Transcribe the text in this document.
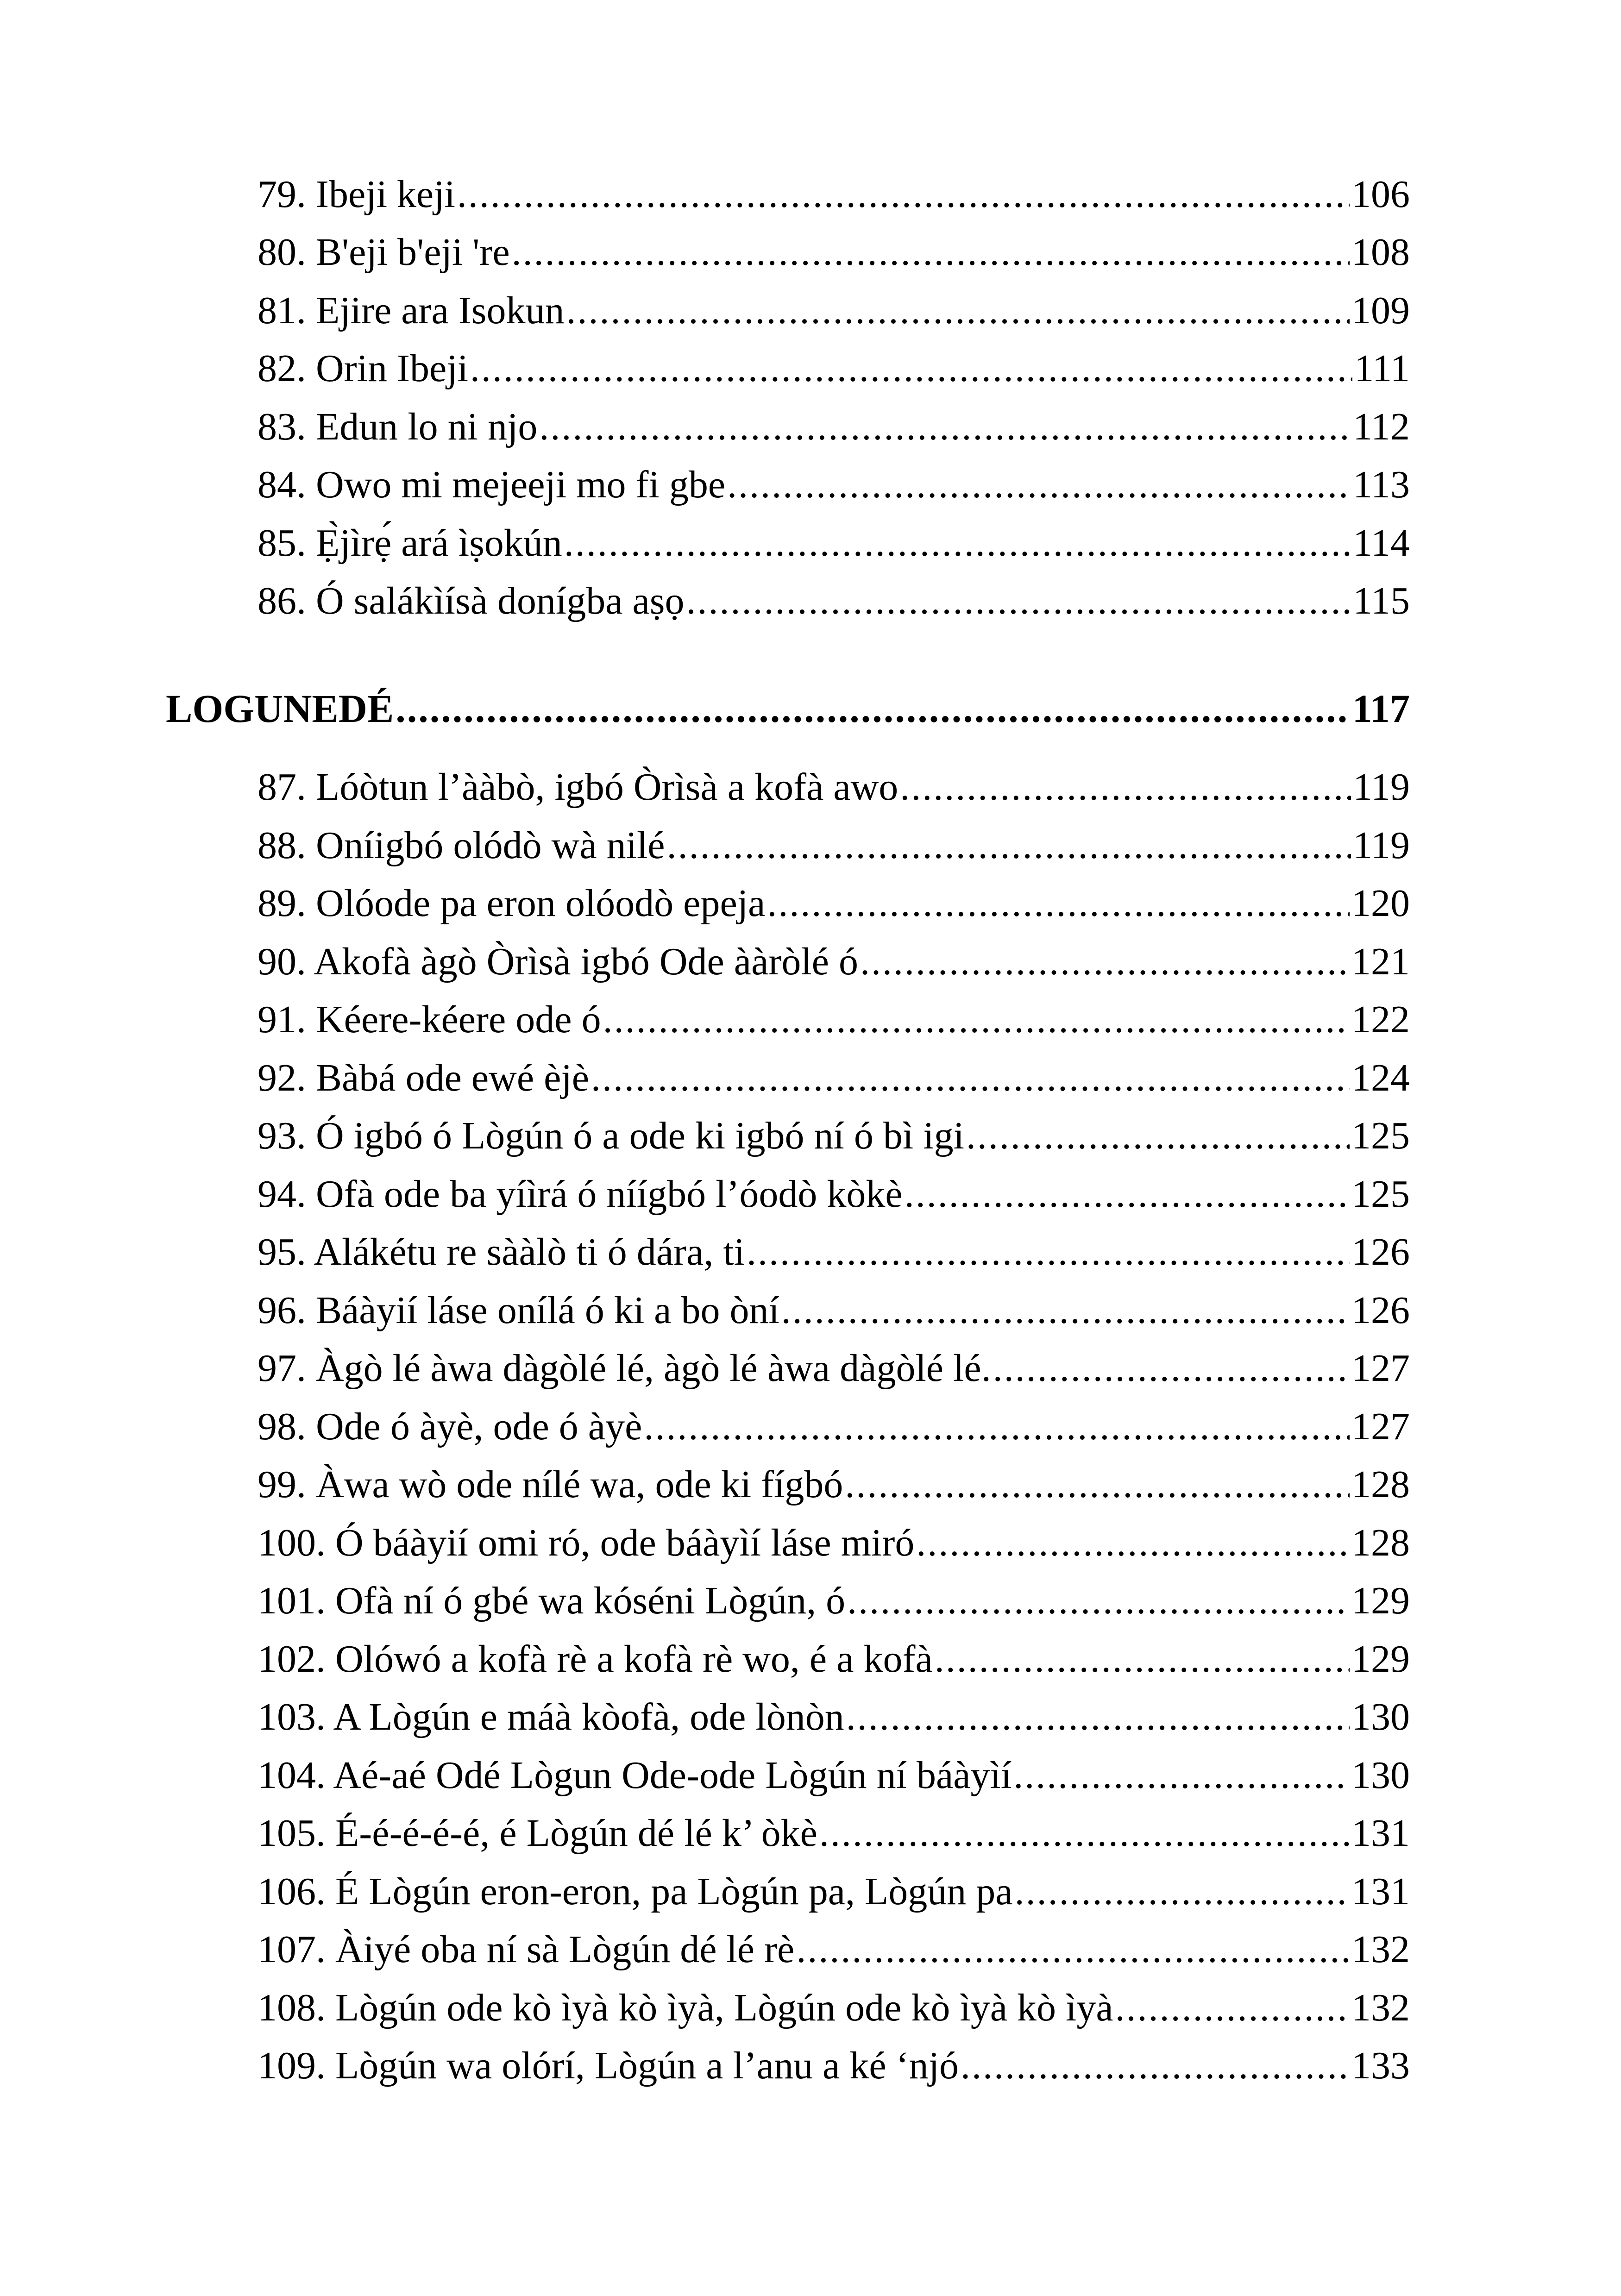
79. Ibeji keji .....	106
80. B'eji b'eji 're .....	108
81. Ejire ara Isokun .....	109
82. Orin Ibeji .....	111
83. Edun lo ni njo .....	112
84. Owo mi mejeeji mo fi gbe .....	113
85. Ẹ̀jìrẹ́ ará ìṣokún .....	114
86. Ó salákìísà donígba aṣọ .....	115
LOGUNEDÉ .....	117
87. Lóòtun l’ààbò, igbó Òrìsà a kofà awo .....	119
88. Oníigbó olódò wà nilé .....	119
89. Olóode pa eron olóodò epeja .....	120
90. Akofà àgò Òrìsà igbó Ode ààròlé ó .....	121
91. Kéere-kéere ode ó .....	122
92. Bàbá ode ewé èjè .....	124
93. Ó igbó ó Lògún ó a ode ki igbó ní ó bì igi .....	125
94. Ofà ode ba yíìrá ó níígbó l’óodò kòkè .....	125
95. Alákétu re sààlò ti ó dára, ti .....	126
96. Báàyií láse onílá ó ki a bo òní .....	126
97. Àgò lé àwa dàgòlé lé, àgò lé àwa dàgòlé lé. .....	127
98. Ode ó àyè, ode ó àyè .....	127
99. Àwa wò ode nílé wa, ode ki fígbó .....	128
100. Ó báàyií omi ró, ode báàyìí láse miró .....	128
101. Ofà ní ó gbé wa kóséni Lògún, ó .....	129
102. Olówó a kofà rè a kofà rè wo, é a kofà .....	129
103. A Lògún e máà kòofà, ode lònòn .....	130
104. Aé-aé Odé Lògun Ode-ode Lògún ní báàyìí .....	130
105. É-é-é-é-é, é Lògún dé lé k’ òkè .....	131
106. É Lògún eron-eron, pa Lògún pa, Lògún pa .....	131
107. Àiyé oba ní sà Lògún dé lé rè .....	132
108. Lògún ode kò ìyà kò ìyà, Lògún ode kò ìyà kò ìyà .....	132
109. Lògún wa olórí, Lògún a l’anu a ké ‘njó .....	133
